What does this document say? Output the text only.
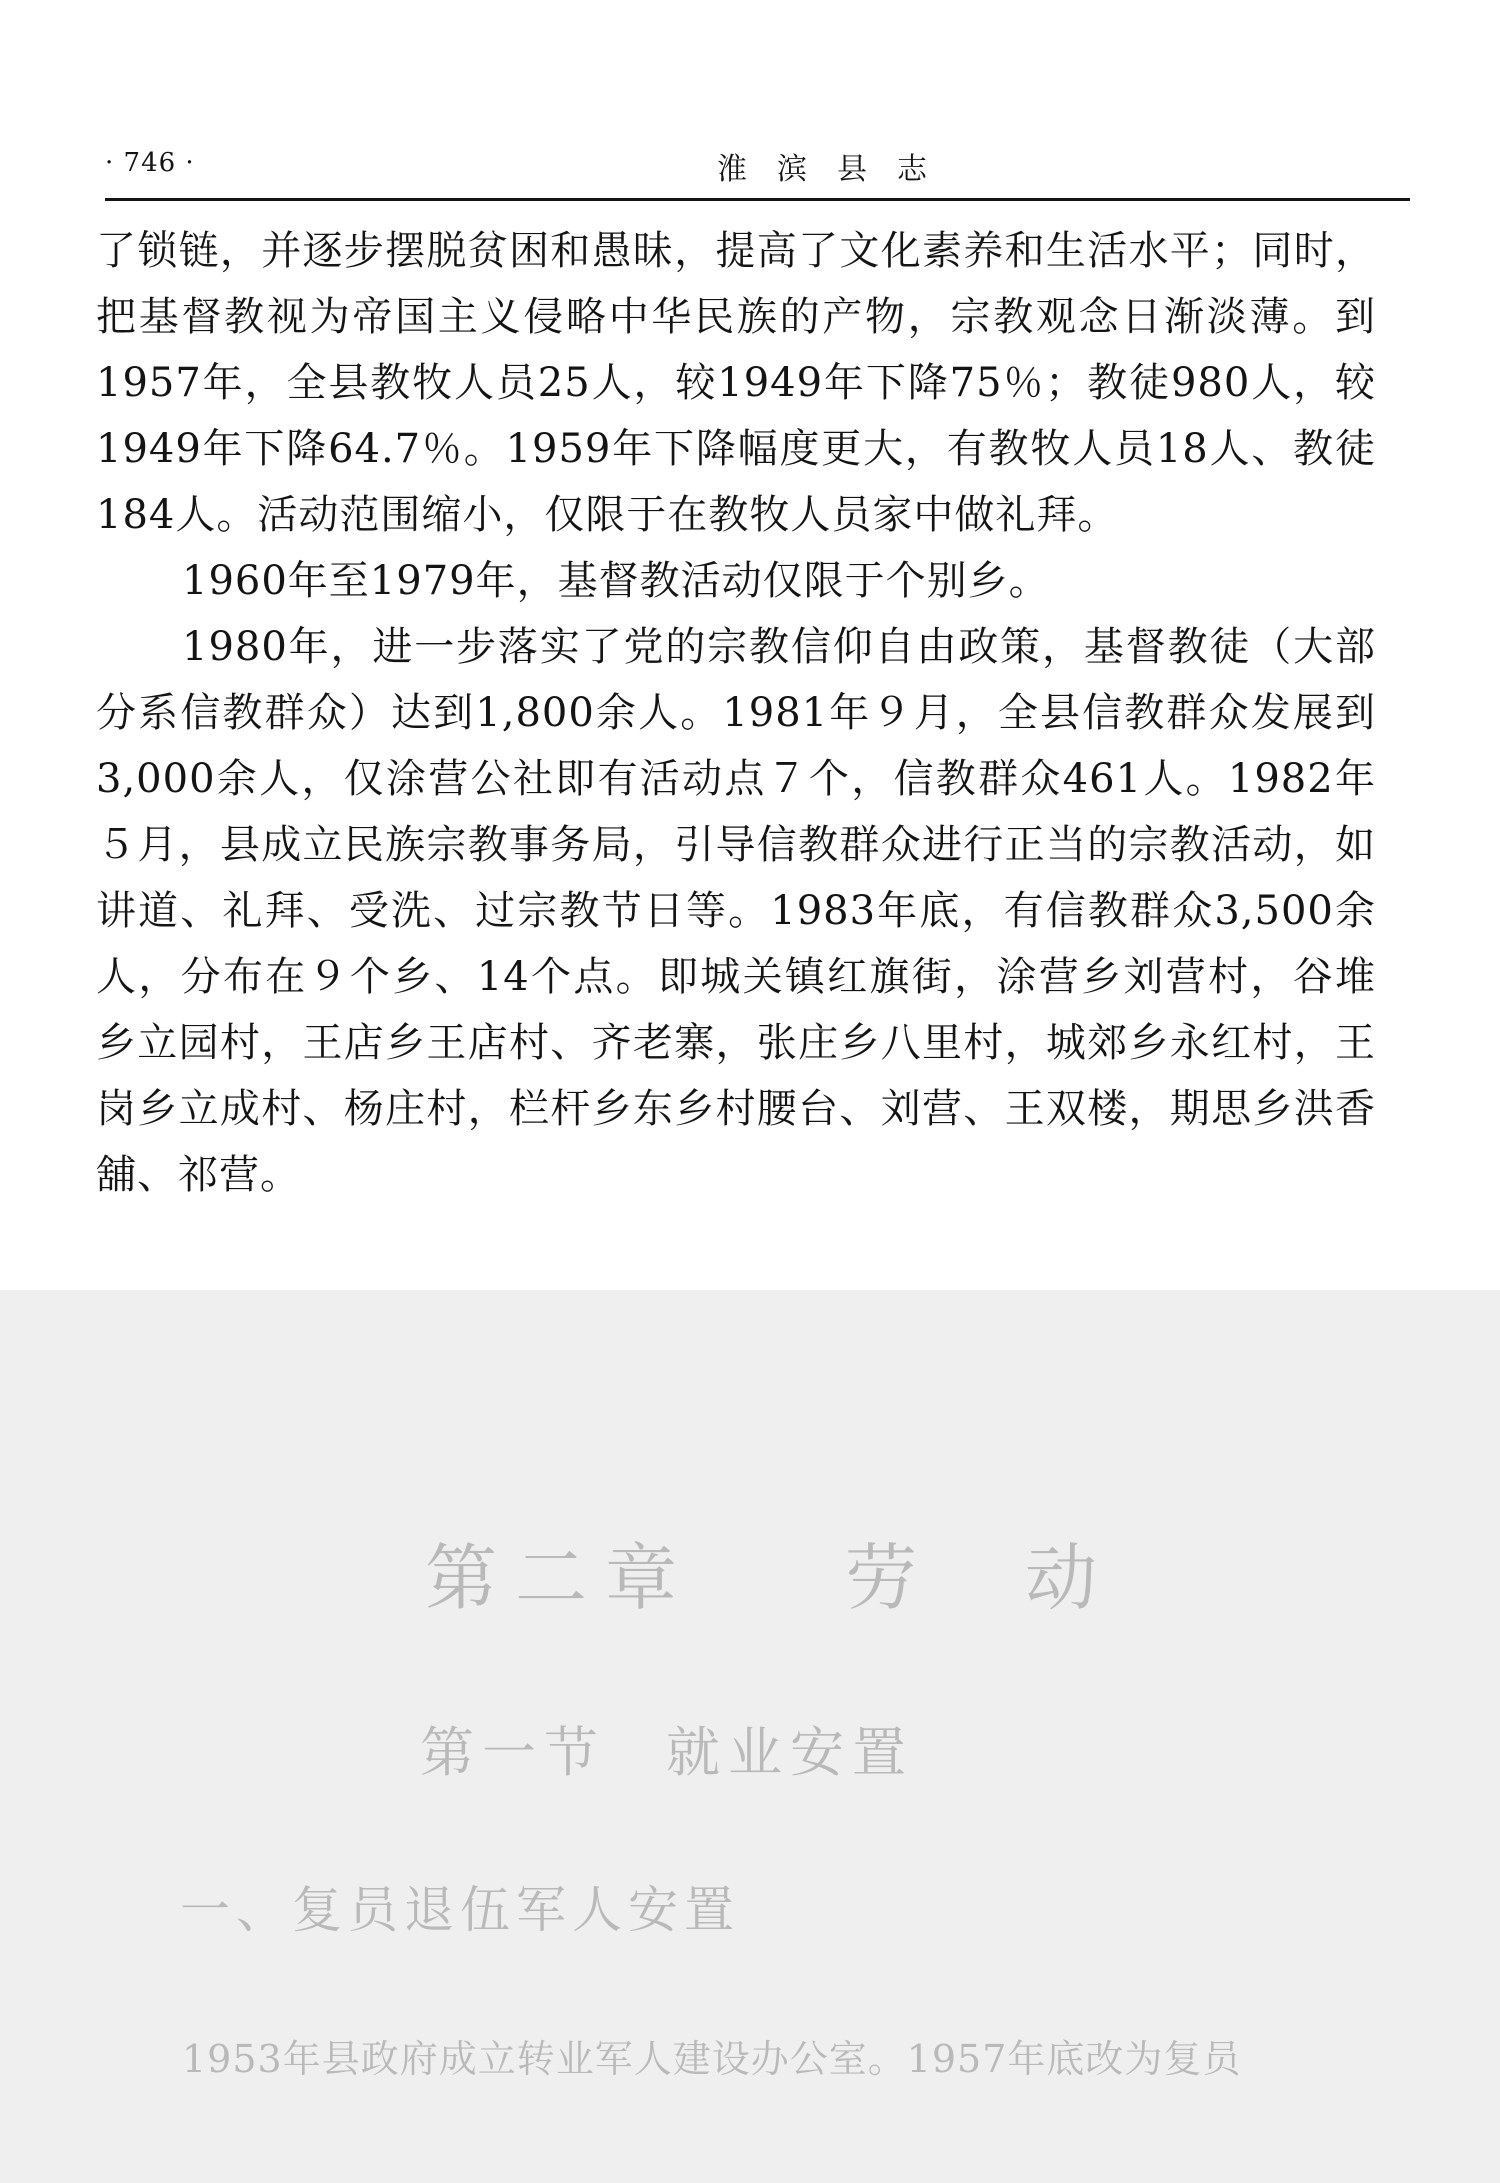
· 746 ·	淮滨县志

了锁链，并逐步摆脱贫困和愚昧，提高了文化素养和生活水平；同时，把基督教视为帝国主义侵略中华民族的产物，宗教观念日渐淡薄。到1957年，全县教牧人员25人，较1949年下降75％；教徒980人，较1949年下降64.7％。1959年下降幅度更大，有教牧人员18人、教徒184人。活动范围缩小，仅限于在教牧人员家中做礼拜。

1960年至1979年，基督教活动仅限于个别乡。

1980年，进一步落实了党的宗教信仰自由政策，基督教徒（大部分系信教群众）达到1,800余人。1981年９月，全县信教群众发展到3,000余人，仅涂营公社即有活动点７个，信教群众461人。1982年５月，县成立民族宗教事务局，引导信教群众进行正当的宗教活动，如讲道、礼拜、受洗、过宗教节日等。1983年底，有信教群众3,500余人，分布在９个乡、14个点。即城关镇红旗街，涂营乡刘营村，谷堆乡立园村，王店乡王店村、齐老寨，张庄乡八里村，城郊乡永红村，王岗乡立成村、杨庄村，栏杆乡东乡村腰台、刘营、王双楼，期思乡洪香舖、祁营。

第二章 劳　动
第一节 就业安置
一、复员退伍军人安置
1953年县政府成立转业军人建设办公室。1957年底改为复员
